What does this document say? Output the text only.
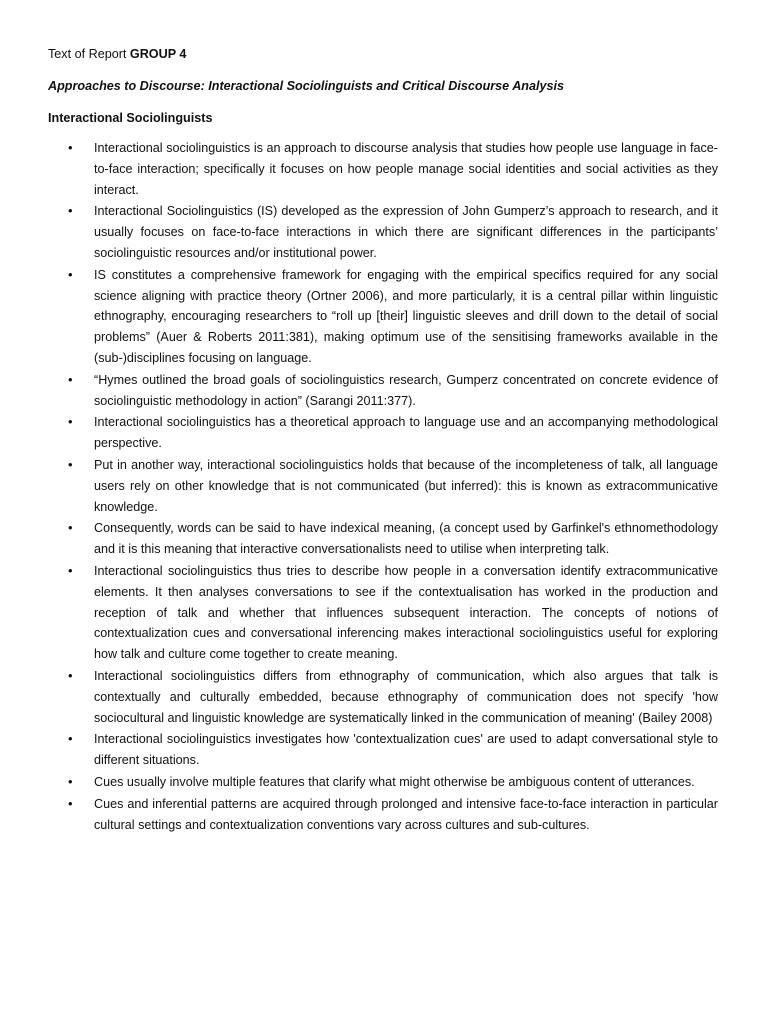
Text of Report GROUP 4
Approaches to Discourse: Interactional Sociolinguists and Critical Discourse Analysis
Interactional Sociolinguists
• Interactional sociolinguistics is an approach to discourse analysis that studies how people use language in face-to-face interaction; specifically it focuses on how people manage social identities and social activities as they interact.
• Interactional Sociolinguistics (IS) developed as the expression of John Gumperz’s approach to research, and it usually focuses on face-to-face interactions in which there are significant differences in the participants’ sociolinguistic resources and/or institutional power.
• IS constitutes a comprehensive framework for engaging with the empirical specifics required for any social science aligning with practice theory (Ortner 2006), and more particularly, it is a central pillar within linguistic ethnography, encouraging researchers to “roll up [their] linguistic sleeves and drill down to the detail of social problems” (Auer & Roberts 2011:381), making optimum use of the sensitising frameworks available in the (sub-)disciplines focusing on language.
• “Hymes outlined the broad goals of sociolinguistics research, Gumperz concentrated on concrete evidence of sociolinguistic methodology in action” (Sarangi 2011:377).
• Interactional sociolinguistics has a theoretical approach to language use and an accompanying methodological perspective.
• Put in another way, interactional sociolinguistics holds that because of the incompleteness of talk, all language users rely on other knowledge that is not communicated (but inferred): this is known as extracommunicative knowledge.
• Consequently, words can be said to have indexical meaning, (a concept used by Garfinkel's ethnomethodology and it is this meaning that interactive conversationalists need to utilise when interpreting talk.
• Interactional sociolinguistics thus tries to describe how people in a conversation identify extracommunicative elements. It then analyses conversations to see if the contextualisation has worked in the production and reception of talk and whether that influences subsequent interaction. The concepts of notions of contextualization cues and conversational inferencing makes interactional sociolinguistics useful for exploring how talk and culture come together to create meaning.
• Interactional sociolinguistics differs from ethnography of communication, which also argues that talk is contextually and culturally embedded, because ethnography of communication does not specify 'how sociocultural and linguistic knowledge are systematically linked in the communication of meaning' (Bailey 2008)
• Interactional sociolinguistics investigates how 'contextualization cues' are used to adapt conversational style to different situations.
• Cues usually involve multiple features that clarify what might otherwise be ambiguous content of utterances.
• Cues and inferential patterns are acquired through prolonged and intensive face-to-face interaction in particular cultural settings and contextualization conventions vary across cultures and sub-cultures.
